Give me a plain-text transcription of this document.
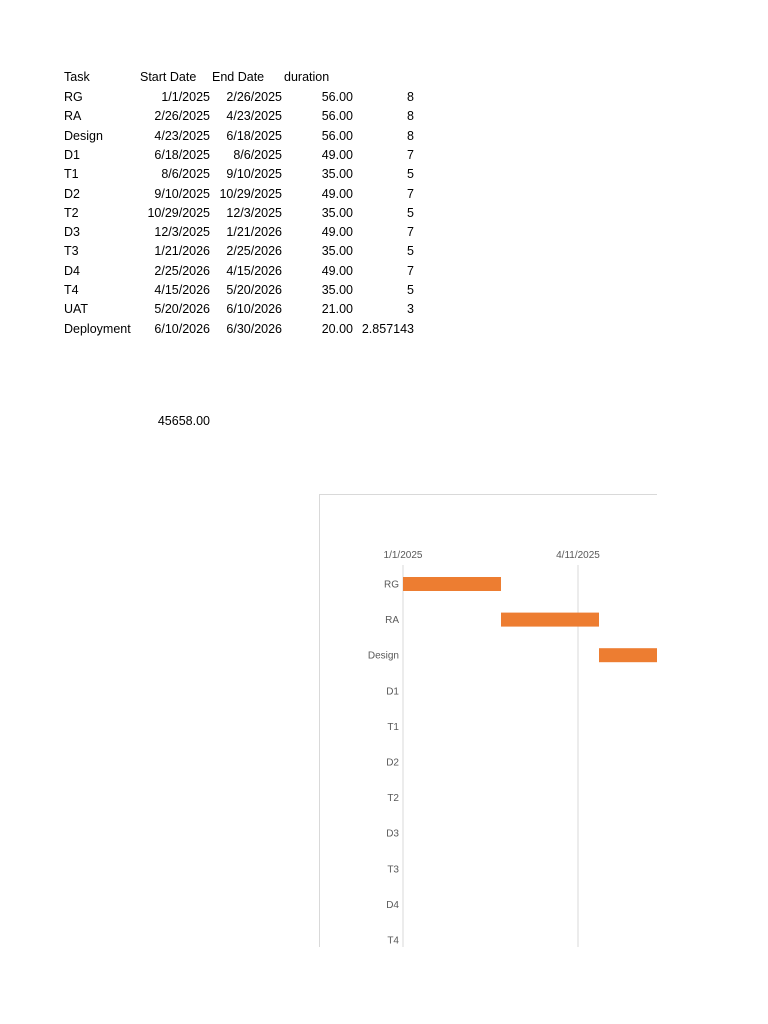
Task	Start Date End Date duration
RG	1/1/2025	2/26/2025	56.00	8
RA	2/26/2025	4/23/2025	56.00	8
Design	4/23/2025	6/18/2025	56.00	8
D1	6/18/2025	8/6/2025	49.00	7
T1	8/6/2025	9/10/2025	35.00	5
D2	9/10/2025 10/29/2025	49.00	7
T2	10/29/2025	12/3/2025	35.00	5
D3	12/3/2025	1/21/2026	49.00	7
T3	1/21/2026	2/25/2026	35.00	5
D4	2/25/2026	4/15/2026	49.00	7
T4	4/15/2026	5/20/2026	35.00	5
UAT	5/20/2026	6/10/2026	21.00	3
Deployment	6/10/2026	6/30/2026	20.00 2.857143
45658.00
1/1/2025	4/11/2025
RG
RA
Design
D1
T1
D2
T2
D3
T3
D4
T4
